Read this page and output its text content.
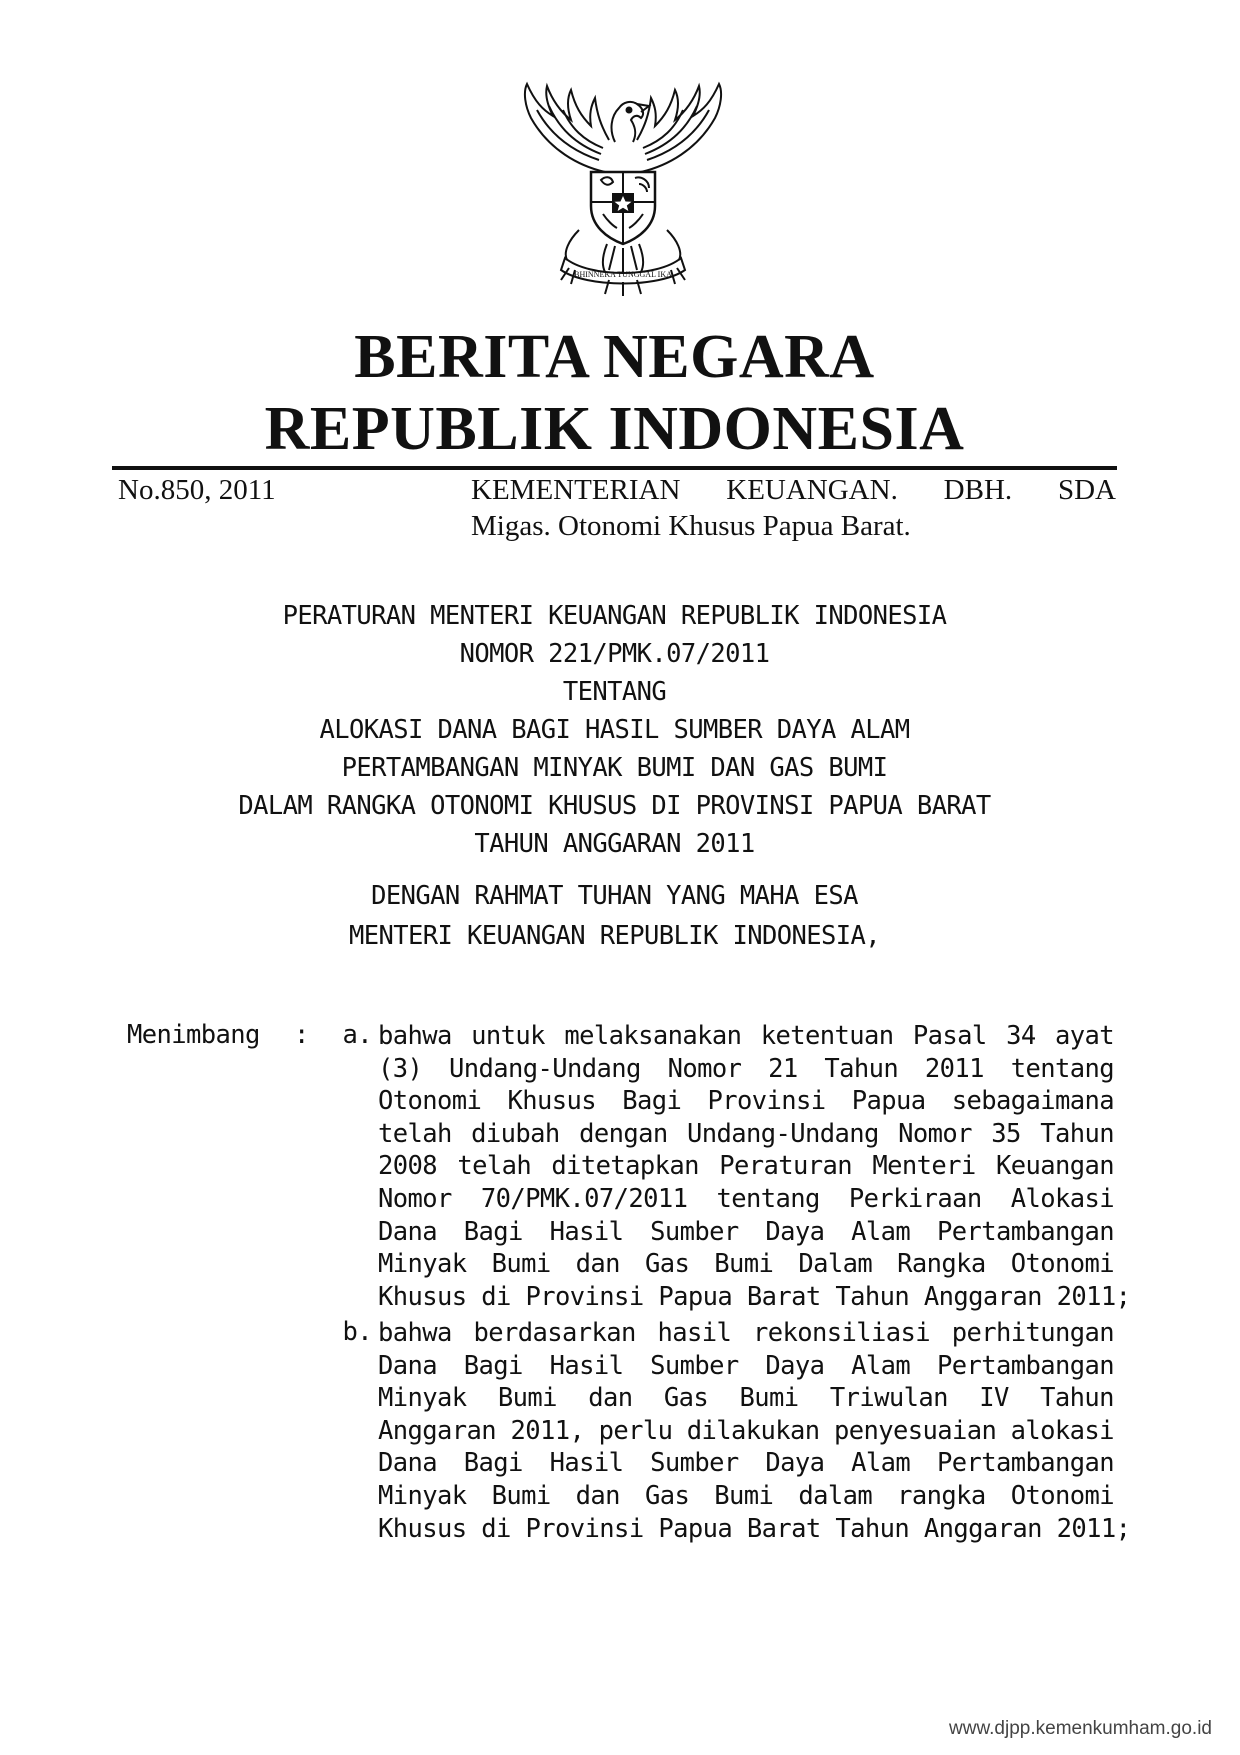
BHINNEKA TUNGGAL IKA
BERITA NEGARA
REPUBLIK INDONESIA
No.850, 2011	KEMENTERIAN KEUANGAN. DBH. SDA
Migas. Otonomi Khusus Papua Barat.
PERATURAN MENTERI KEUANGAN REPUBLIK INDONESIA
NOMOR 221/PMK.07/2011
TENTANG
ALOKASI DANA BAGI HASIL SUMBER DAYA ALAM
PERTAMBANGAN MINYAK BUMI DAN GAS BUMI
DALAM RANGKA OTONOMI KHUSUS DI PROVINSI PAPUA BARAT
TAHUN ANGGARAN 2011
DENGAN RAHMAT TUHAN YANG MAHA ESA
MENTERI KEUANGAN REPUBLIK INDONESIA,
Menimbang : a. bahwa untuk melaksanakan ketentuan Pasal 34 ayat
(3) Undang-Undang Nomor 21 Tahun 2011 tentang
Otonomi Khusus Bagi Provinsi Papua sebagaimana
telah diubah dengan Undang-Undang Nomor 35 Tahun
2008 telah ditetapkan Peraturan Menteri Keuangan
Nomor 70/PMK.07/2011 tentang Perkiraan Alokasi
Dana Bagi Hasil Sumber Daya Alam Pertambangan
Minyak Bumi dan Gas Bumi Dalam Rangka Otonomi
Khusus di Provinsi Papua Barat Tahun Anggaran 2011;
b. bahwa berdasarkan hasil rekonsiliasi perhitungan
Dana Bagi Hasil Sumber Daya Alam Pertambangan
Minyak Bumi dan Gas Bumi Triwulan IV Tahun
Anggaran 2011, perlu dilakukan penyesuaian alokasi
Dana Bagi Hasil Sumber Daya Alam Pertambangan
Minyak Bumi dan Gas Bumi dalam rangka Otonomi
Khusus di Provinsi Papua Barat Tahun Anggaran 2011;
www.djpp.kemenkumham.go.id
